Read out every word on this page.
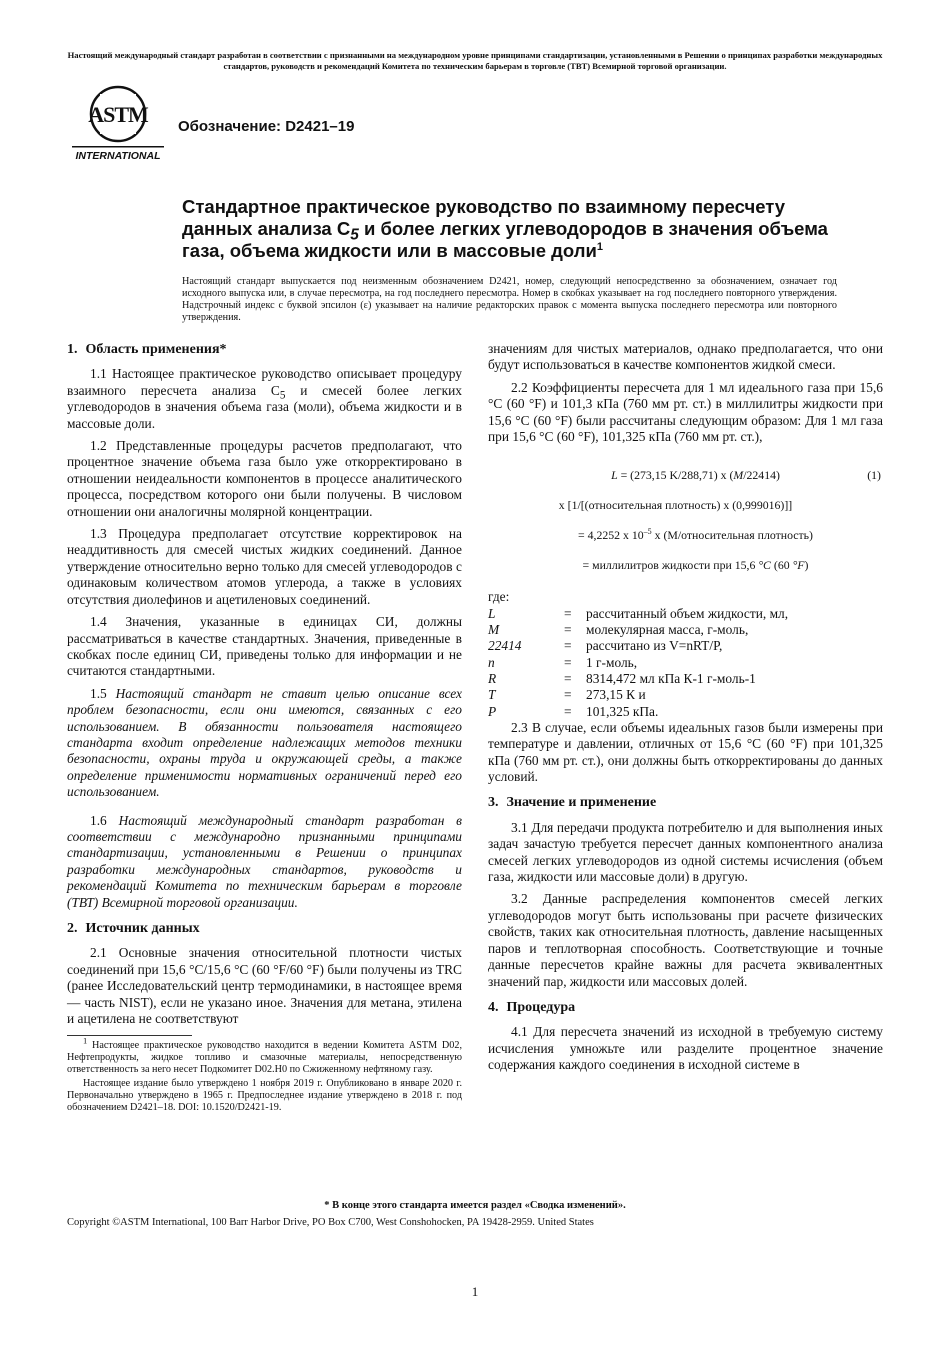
Настоящий международный стандарт разработан в соответствии с признанными на международном уровне принципами стандартизации, установленными в Решении о принципах разработки международных стандартов, руководств и рекомендаций Комитета по техническим барьерам в торговле (ТВТ) Всемирной торговой организации.
ASTM
INTERNATIONAL
Обозначение: D2421–19
Стандартное практическое руководство по взаимному пересчету данных анализа $С_5$ и более легких углеводородов в значения объема газа, объема жидкости или в массовые доли$^1$
Настоящий стандарт выпускается под неизменным обозначением D2421, номер, следующий непосредственно за обозначением, означает год исходного выпуска или, в случае пересмотра, на год последнего пересмотра. Номер в скобках указывает на год последнего повторного утверждения. Надстрочный индекс с буквой эпсилон (ε) указывает на наличие редакторских правок с момента выпуска последнего пересмотра или повторного утверждения.
1. Область применения*

1.1 Настоящее практическое руководство описывает процедуру взаимного пересчета анализа $С_5$ и смесей более легких углеводородов в значения объема газа (моли), объема жидкости и в массовые доли.

1.2 Представленные процедуры расчетов предполагают, что процентное значение объема газа было уже откорректировано в отношении неидеальности компонентов в процессе аналитического процесса, посредством которого они были получены. В числовом отношении они аналогичны молярной концентрации.

1.3 Процедура предполагает отсутствие корректировок на неаддитивность для смесей чистых жидких соединений. Данное утверждение относительно верно только для смесей углеводородов с одинаковым количеством атомов углерода, а также в условиях отсутствия диолефинов и ацетиленовых соединений.

1.4 Значения, указанные в единицах СИ, должны рассматриваться в качестве стандартных. Значения, приведенные в скобках после единиц СИ, приведены только для информации и не считаются стандартными.

1.5 Настоящий стандарт не ставит целью описание всех проблем безопасности, если они имеются, связанных с его использованием. В обязанности пользователя настоящего стандарта входит определение надлежащих методов техники безопасности, охраны труда и окружающей среды, а также определение применимости нормативных ограничений перед его использованием.

1.6 Настоящий международный стандарт разработан в соответствии с международно признанными принципами стандартизации, установленными в Решении о принципах разработки международных стандартов, руководств и рекомендаций Комитета по техническим барьерам в торговле (ТВТ) Всемирной торговой организации.

2. Источник данных

2.1 Основные значения относительной плотности чистых соединений при 15,6 °С/15,6 °С (60 °F/60 °F) были получены из TRC (ранее Исследовательский центр термодинамики, в настоящее время — часть NIST), если не указано иное. Значения для метана, этилена и ацетилена не соответствуют

$^1$ Настоящее практическое руководство находится в ведении Комитета ASTM D02, Нефтепродукты, жидкое топливо и смазочные материалы, непосредственную ответственность за него несет Подкомитет D02.H0 по Сжиженному нефтяному газу.

Настоящее издание было утверждено 1 ноября 2019 г. Опубликовано в январе 2020 г. Первоначально утверждено в 1965 г. Предпоследнее издание утверждено в 2018 г. под обозначением D2421–18. DOI: 10.1520/D2421-19.

значениям для чистых материалов, однако предполагается, что они будут использоваться в качестве компонентов жидкой смеси.

2.2 Коэффициенты пересчета для 1 мл идеального газа при 15,6 °С (60 °F) и 101,3 кПа (760 мм рт. ст.) в миллилитры жидкости при 15,6 °С (60 °F) были рассчитаны следующим образом: Для 1 мл газа при 15,6 °С (60 °F), 101,325 кПа (760 мм рт. ст.),

L = (273,15 K/288,71) x (M/22414)	(1)
x [1/[(относительная плотность) x (0,999016)]]
= 4,2252 x $10^{-5}$ x (M/относительная плотность)
= миллилитров жидкости при 15,6 °C (60 °F)
где:
L	=	рассчитанный объем жидкости, мл,
M	=	молекулярная масса, г-моль,
22414	=	рассчитано из V=nRT/P,
n	=	1 г-моль,
R	=	8314,472 мл кПа К-1 г-моль-1
T	=	273,15 К и
P	=	101,325 кПа.

2.3 В случае, если объемы идеальных газов были измерены при температуре и давлении, отличных от 15,6 °С (60 °F) при 101,325 кПа (760 мм рт. ст.), они должны быть откорректированы до данных условий.

3. Значение и применение

3.1 Для передачи продукта потребителю и для выполнения иных задач зачастую требуется пересчет данных компонентного анализа смесей легких углеводородов из одной системы исчисления (объем газа, жидкости или массовые доли) в другую.

3.2 Данные распределения компонентов смесей легких углеводородов могут быть использованы при расчете физических свойств, таких как относительная плотность, давление насыщенных паров и теплотворная способность. Соответствующие и точные данные пересчетов крайне важны для расчета эквивалентных значений пар, жидкости или массовых долей.

4. Процедура

4.1 Для пересчета значений из исходной в требуемую систему исчисления умножьте или разделите процентное значение содержания каждого соединения в исходной системе в

* В конце этого стандарта имеется раздел «Сводка изменений».
Copyright ©ASTM International, 100 Barr Harbor Drive, PO Box C700, West Conshohocken, PA 19428-2959. United States
1
